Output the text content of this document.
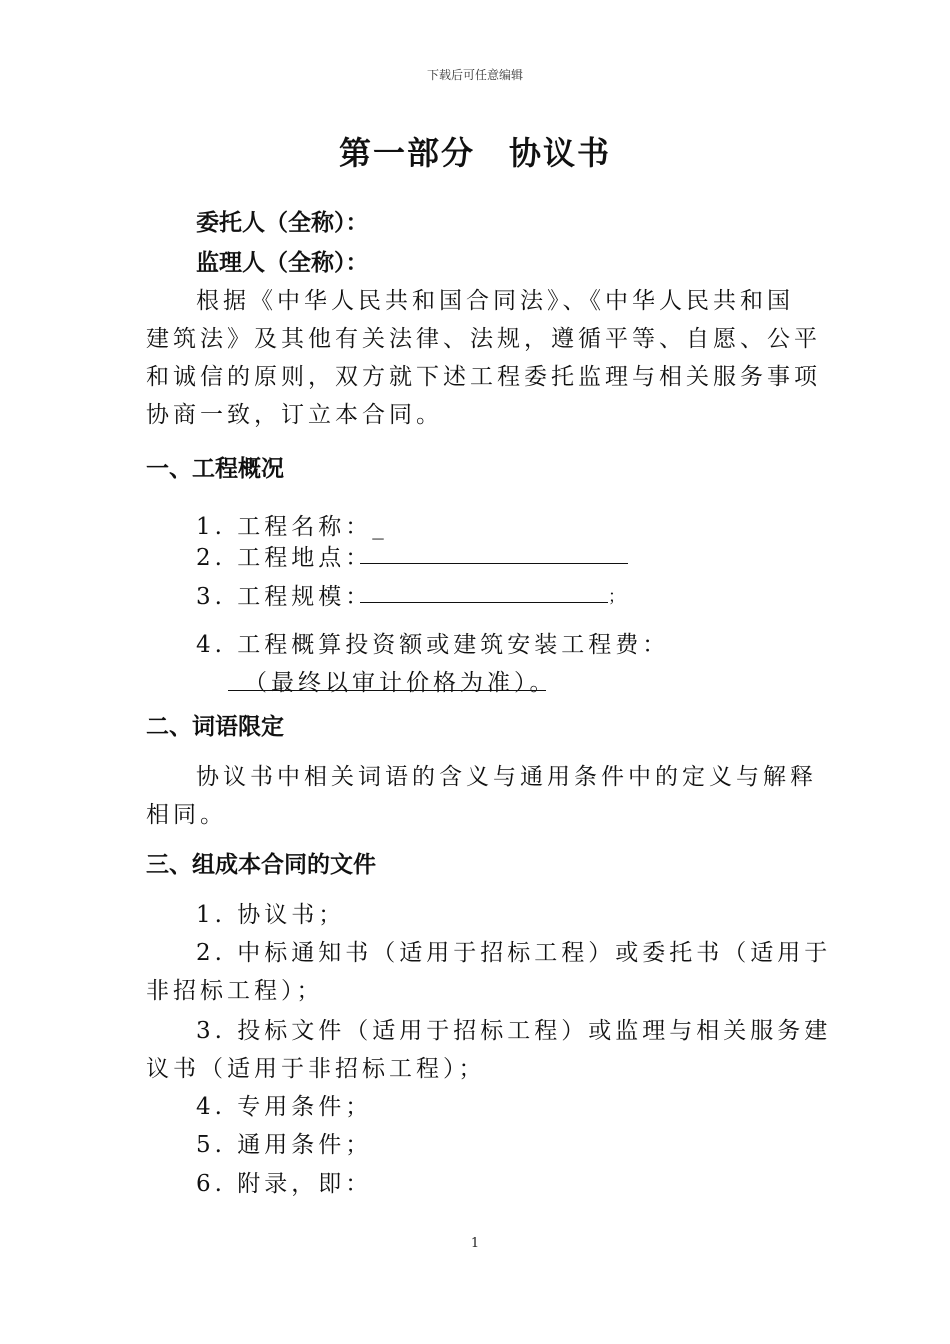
下载后可任意编辑
第一部分 协议书
委托人（全称）：
监理人（全称）：
根据《中华人民共和国合同法》、《中华人民共和国
建筑法》及其他有关法律、法规，遵循平等、自愿、公平
和诚信的原则，双方就下述工程委托监理与相关服务事项
协商一致，订立本合同。
一、工程概况
1. 工程名称：_
2. 工程地点：
3. 工程规模：	；
4. 工程概算投资额或建筑安装工程费：
（最终以审计价格为准）。
二、词语限定
协议书中相关词语的含义与通用条件中的定义与解释
相同。
三、组成本合同的文件
1. 协议书；
2. 中标通知书（适用于招标工程）或委托书（适用于
非招标工程）；
3. 投标文件（适用于招标工程）或监理与相关服务建
议书（适用于非招标工程）；
4. 专用条件；
5. 通用条件；
6. 附录，即：
1
